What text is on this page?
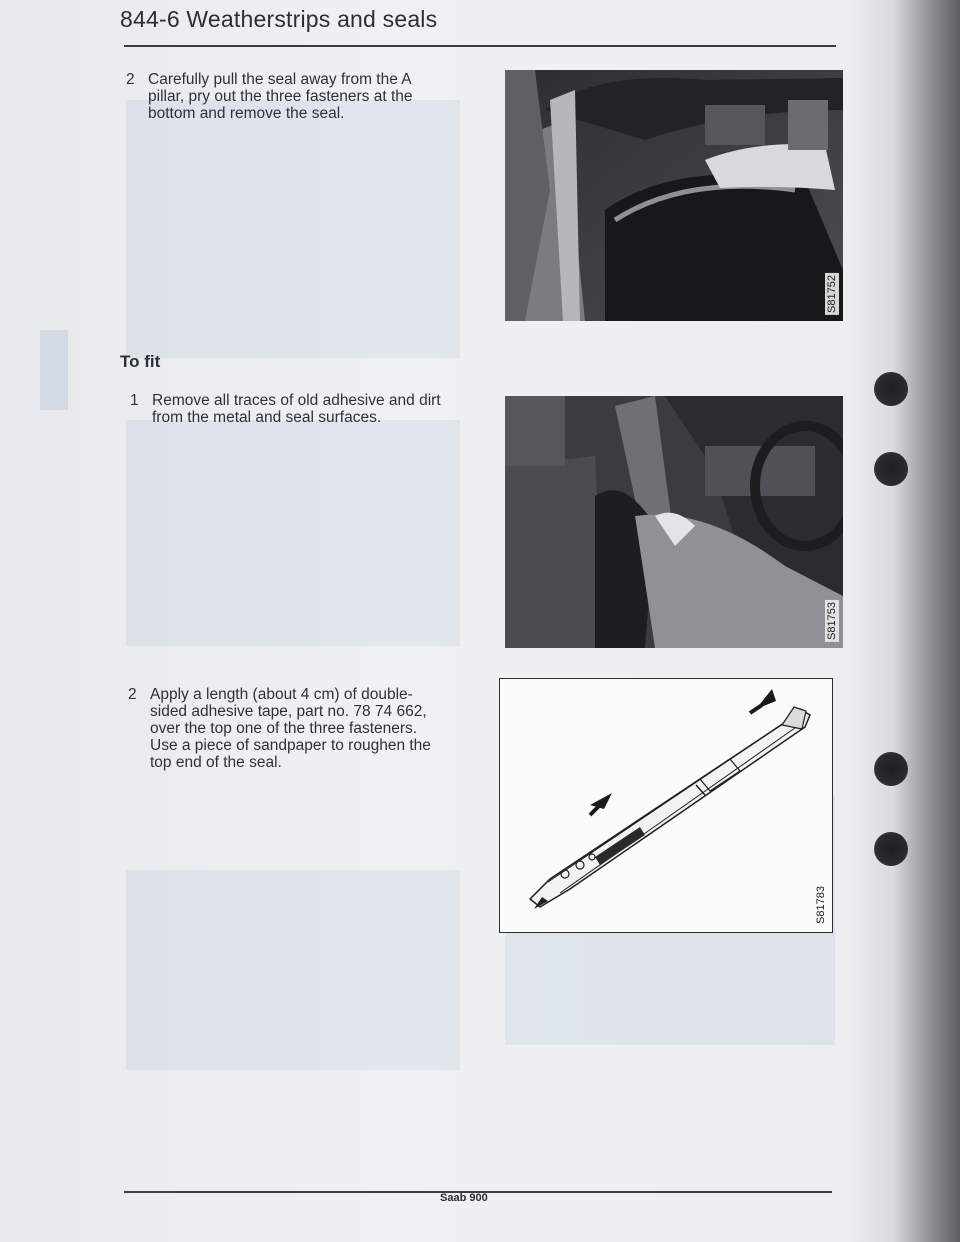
844-6 Weatherstrips and seals
2 Carefully pull the seal away from the A
pillar, pry out the three fasteners at the
bottom and remove the seal.
To fit
1 Remove all traces of old adhesive and dirt
from the metal and seal surfaces.
2 Apply a length (about 4 cm) of double-
sided adhesive tape, part no. 78 74 662,
over the top one of the three fasteners.
Use a piece of sandpaper to roughen the
top end of the seal.
S81752
S81753
S81783
Saab 900
